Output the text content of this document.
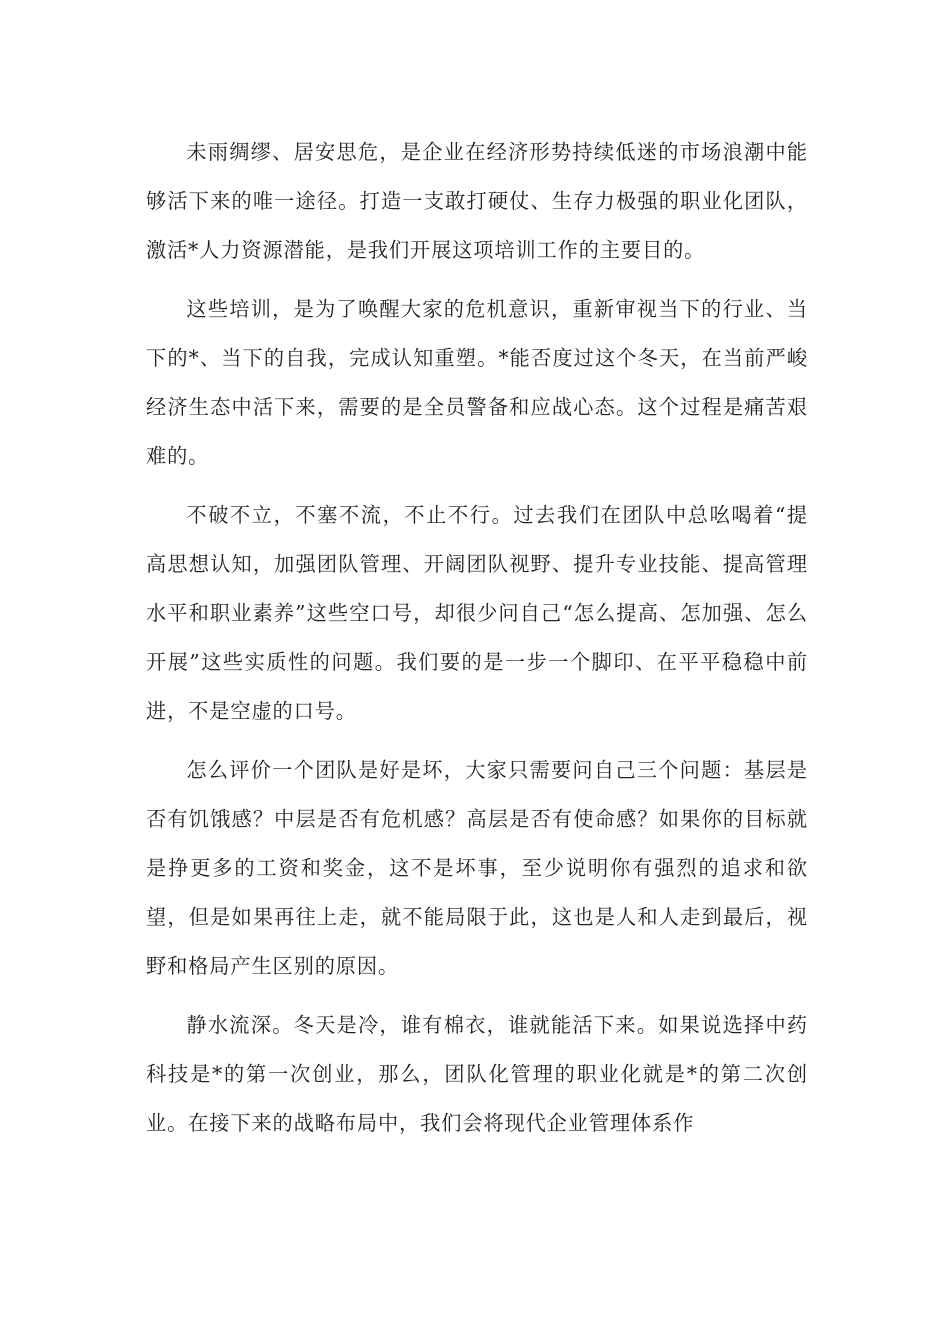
未雨绸缪、居安思危，是企业在经济形势持续低迷的市场浪潮中能够活下来的唯一途径。打造一支敢打硬仗、生存力极强的职业化团队，激活*人力资源潜能，是我们开展这项培训工作的主要目的。

这些培训，是为了唤醒大家的危机意识，重新审视当下的行业、当下的*、当下的自我，完成认知重塑。*能否度过这个冬天，在当前严峻经济生态中活下来，需要的是全员警备和应战心态。这个过程是痛苦艰难的。

不破不立，不塞不流，不止不行。过去我们在团队中总吆喝着“提高思想认知，加强团队管理、开阔团队视野、提升专业技能、提高管理水平和职业素养”这些空口号，却很少问自己“怎么提高、怎加强、怎么开展”这些实质性的问题。我们要的是一步一个脚印、在平平稳稳中前进，不是空虚的口号。

怎么评价一个团队是好是坏，大家只需要问自己三个问题：基层是否有饥饿感？中层是否有危机感？高层是否有使命感？如果你的目标就是挣更多的工资和奖金，这不是坏事，至少说明你有强烈的追求和欲望，但是如果再往上走，就不能局限于此，这也是人和人走到最后，视野和格局产生区别的原因。

静水流深。冬天是冷，谁有棉衣，谁就能活下来。如果说选择中药科技是*的第一次创业，那么，团队化管理的职业化就是*的第二次创业。在接下来的战略布局中，我们会将现代企业管理体系作
